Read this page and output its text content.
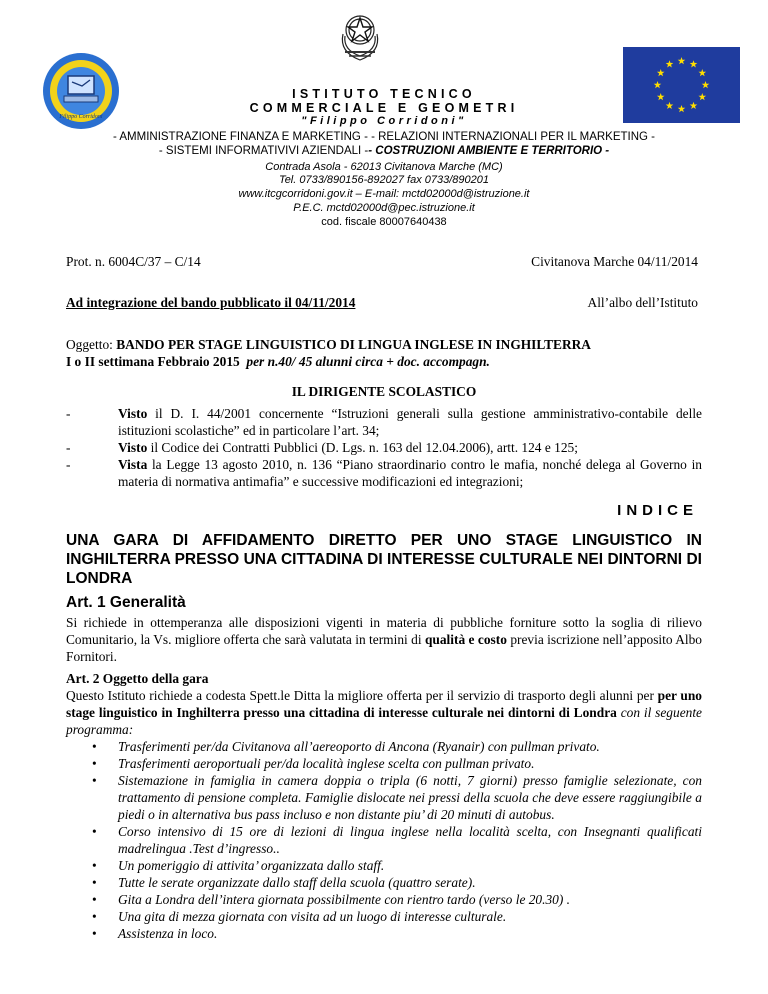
Filippo Corridoni
ISTITUTO TECNICO
COMMERCIALE E GEOMETRI
"Filippo Corridoni"
- AMMINISTRAZIONE FINANZA E MARKETING - - RELAZIONI INTERNAZIONALI PER IL MARKETING -
- SISTEMI INFORMATIVIVI AZIENDALI -- COSTRUZIONI AMBIENTE E TERRITORIO -
Contrada Asola - 62013 Civitanova Marche (MC)
Tel. 0733/890156-892027 fax 0733/890201
www.itcgcorridoni.gov.it – E-mail: mctd02000d@istruzione.it
P.E.C. mctd02000d@pec.istruzione.it
cod. fiscale 80007640438
Prot. n. 6004C/37 – C/14	Civitanova Marche 04/11/2014
Ad integrazione del bando pubblicato il 04/11/2014	All’albo dell’Istituto
Oggetto: BANDO PER STAGE LINGUISTICO DI LINGUA INGLESE IN INGHILTERRA
I o II settimana Febbraio 2015 per n.40/ 45 alunni circa + doc. accompagn.
IL DIRIGENTE SCOLASTICO
-	Visto il D. I. 44/2001 concernente “Istruzioni generali sulla gestione amministrativo-contabile delle istituzioni scolastiche” ed in particolare l’art. 34;
-	Visto il Codice dei Contratti Pubblici (D. Lgs. n. 163 del 12.04.2006), artt. 124 e 125;
-	Vista la Legge 13 agosto 2010, n. 136 “Piano straordinario contro le mafia, nonché delega al Governo in materia di normativa antimafia” e successive modificazioni ed integrazioni;
INDICE
UNA GARA DI AFFIDAMENTO DIRETTO PER UNO STAGE LINGUISTICO IN INGHILTERRA PRESSO UNA CITTADINA DI INTERESSE CULTURALE NEI DINTORNI DI LONDRA
Art. 1 Generalità
Si richiede in ottemperanza alle disposizioni vigenti in materia di pubbliche forniture sotto la soglia di rilievo Comunitario, la Vs. migliore offerta che sarà valutata in termini di qualità e costo previa iscrizione nell’apposito Albo Fornitori.
Art. 2 Oggetto della gara
Questo Istituto richiede a codesta Spett.le Ditta la migliore offerta per il servizio di trasporto degli alunni per per uno stage linguistico in Inghilterra presso una cittadina di interesse culturale nei dintorni di Londra con il seguente programma:
• Trasferimenti per/da Civitanova all’aereoporto di Ancona (Ryanair) con pullman privato.
• Trasferimenti aeroportuali per/da località inglese scelta con pullman privato.
• Sistemazione in famiglia in camera doppia o tripla (6 notti, 7 giorni) presso famiglie selezionate, con trattamento di pensione completa. Famiglie dislocate nei pressi della scuola che deve essere raggiungibile a piedi o in alternativa bus pass incluso e non distante piu’ di 20 minuti di autobus.
• Corso intensivo di 15 ore di lezioni di lingua inglese nella località scelta, con Insegnanti qualificati madrelingua .Test d’ingresso..
• Un pomeriggio di attivita’ organizzata dallo staff.
• Tutte le serate organizzate dallo staff della scuola (quattro serate).
• Gita a Londra dell’intera giornata possibilmente con rientro tardo (verso le 20.30) .
• Una gita di mezza giornata con visita ad un luogo di interesse culturale.
• Assistenza in loco.
